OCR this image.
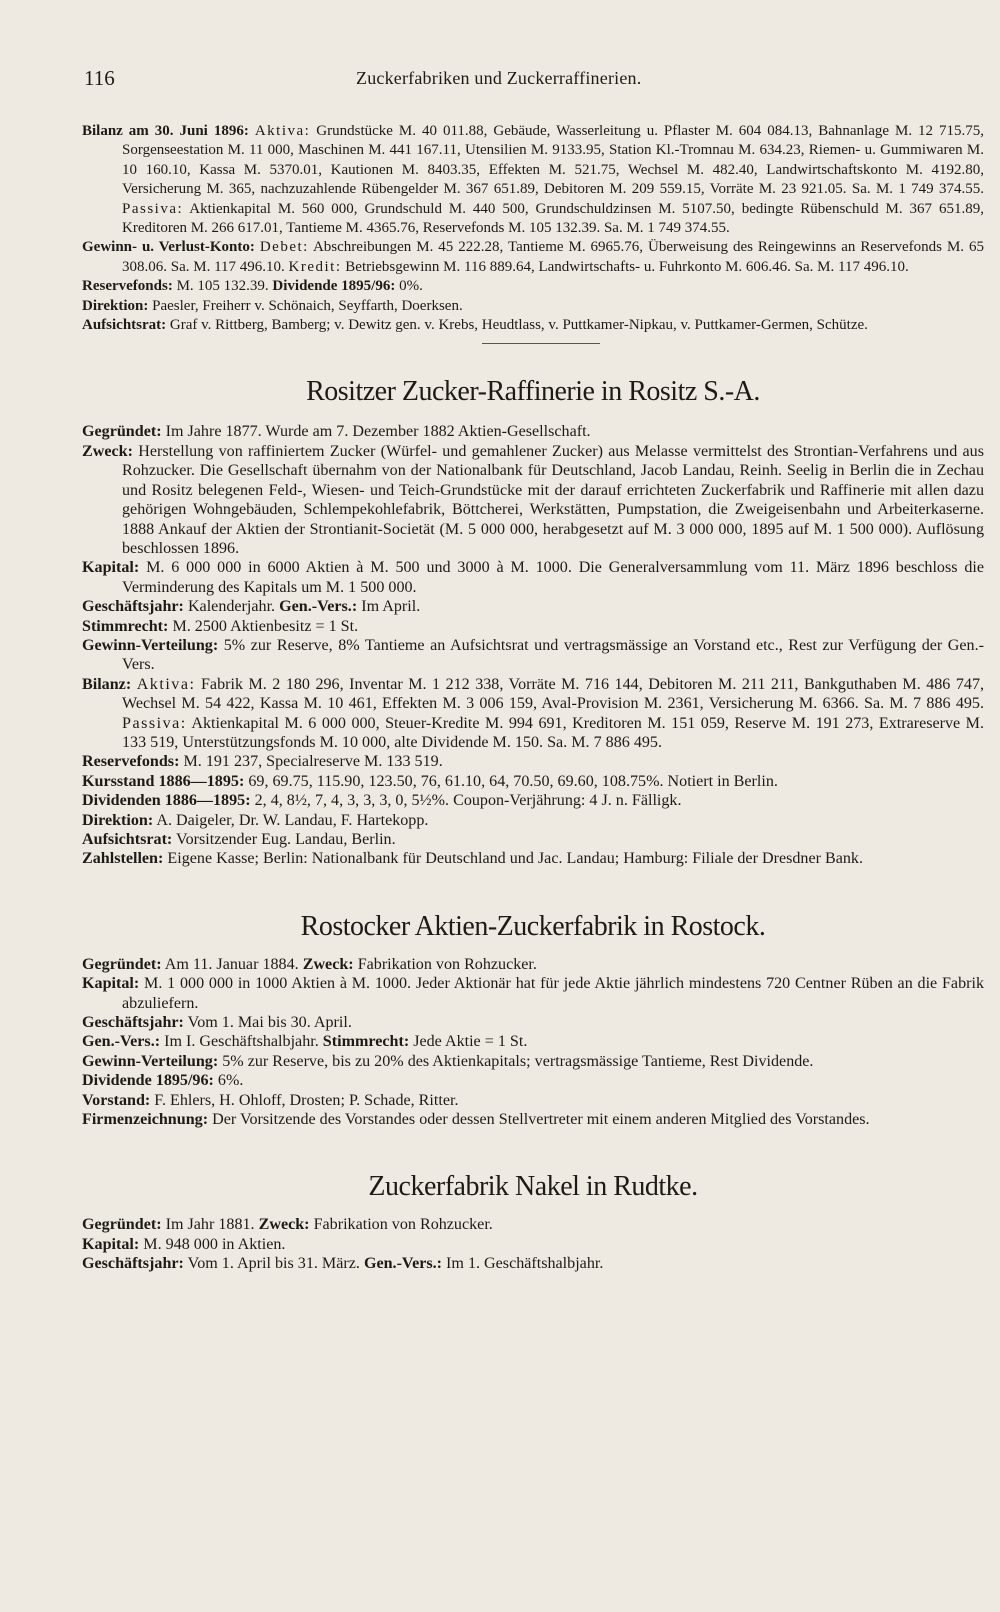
116	Zuckerfabriken und Zuckerraffinerien.

Bilanz am 30. Juni 1896: Aktiva: Grundstücke M. 40 011.88, Gebäude, Wasserleitung u. Pflaster M. 604 084.13, Bahnanlage M. 12 715.75, Sorgenseestation M. 11 000, Maschinen M. 441 167.11, Utensilien M. 9133.95, Station Kl.-Tromnau M. 634.23, Riemen- u. Gummiwaren M. 10 160.10, Kassa M. 5370.01, Kautionen M. 8403.35, Effekten M. 521.75, Wechsel M. 482.40, Landwirtschaftskonto M. 4192.80, Versicherung M. 365, nachzuzahlende Rübengelder M. 367 651.89, Debitoren M. 209 559.15, Vorräte M. 23 921.05. Sa. M. 1 749 374.55. Passiva: Aktienkapital M. 560 000, Grundschuld M. 440 500, Grundschuldzinsen M. 5107.50, bedingte Rübenschuld M. 367 651.89, Kreditoren M. 266 617.01, Tantieme M. 4365.76, Reservefonds M. 105 132.39. Sa. M. 1 749 374.55.

Gewinn- u. Verlust-Konto: Debet: Abschreibungen M. 45 222.28, Tantieme M. 6965.76, Überweisung des Reingewinns an Reservefonds M. 65 308.06. Sa. M. 117 496.10. Kredit: Betriebsgewinn M. 116 889.64, Landwirtschafts- u. Fuhrkonto M. 606.46. Sa. M. 117 496.10.

Reservefonds: M. 105 132.39. Dividende 1895/96: 0%.

Direktion: Paesler, Freiherr v. Schönaich, Seyffarth, Doerksen.

Aufsichtsrat: Graf v. Rittberg, Bamberg; v. Dewitz gen. v. Krebs, Heudtlass, v. Puttkamer-Nipkau, v. Puttkamer-Germen, Schütze.

Rositzer Zucker-Raffinerie in Rositz S.-A.

Gegründet: Im Jahre 1877. Wurde am 7. Dezember 1882 Aktien-Gesellschaft.

Zweck: Herstellung von raffiniertem Zucker (Würfel- und gemahlener Zucker) aus Melasse vermittelst des Strontian-Verfahrens und aus Rohzucker. Die Gesellschaft übernahm von der Nationalbank für Deutschland, Jacob Landau, Reinh. Seelig in Berlin die in Zechau und Rositz belegenen Feld-, Wiesen- und Teich-Grundstücke mit der darauf errichteten Zuckerfabrik und Raffinerie mit allen dazu gehörigen Wohngebäuden, Schlempekohlefabrik, Böttcherei, Werkstätten, Pumpstation, die Zweigeisenbahn und Arbeiterkaserne. 1888 Ankauf der Aktien der Strontianit-Societät (M. 5 000 000, herabgesetzt auf M. 3 000 000, 1895 auf M. 1 500 000). Auflösung beschlossen 1896.

Kapital: M. 6 000 000 in 6000 Aktien à M. 500 und 3000 à M. 1000. Die Generalversammlung vom 11. März 1896 beschloss die Verminderung des Kapitals um M. 1 500 000.

Geschäftsjahr: Kalenderjahr. Gen.-Vers.: Im April.

Stimmrecht: M. 2500 Aktienbesitz = 1 St.

Gewinn-Verteilung: 5% zur Reserve, 8% Tantieme an Aufsichtsrat und vertragsmässige an Vorstand etc., Rest zur Verfügung der Gen.-Vers.

Bilanz: Aktiva: Fabrik M. 2 180 296, Inventar M. 1 212 338, Vorräte M. 716 144, Debitoren M. 211 211, Bankguthaben M. 486 747, Wechsel M. 54 422, Kassa M. 10 461, Effekten M. 3 006 159, Aval-Provision M. 2361, Versicherung M. 6366. Sa. M. 7 886 495. Passiva: Aktienkapital M. 6 000 000, Steuer-Kredite M. 994 691, Kreditoren M. 151 059, Reserve M. 191 273, Extrareserve M. 133 519, Unterstützungsfonds M. 10 000, alte Dividende M. 150. Sa. M. 7 886 495.

Reservefonds: M. 191 237, Specialreserve M. 133 519.

Kursstand 1886—1895: 69, 69.75, 115.90, 123.50, 76, 61.10, 64, 70.50, 69.60, 108.75%. Notiert in Berlin.

Dividenden 1886—1895: 2, 4, 8½, 7, 4, 3, 3, 3, 0, 5½%. Coupon-Verjährung: 4 J. n. Fälligk.

Direktion: A. Daigeler, Dr. W. Landau, F. Hartekopp.

Aufsichtsrat: Vorsitzender Eug. Landau, Berlin.

Zahlstellen: Eigene Kasse; Berlin: Nationalbank für Deutschland und Jac. Landau; Hamburg: Filiale der Dresdner Bank.

Rostocker Aktien-Zuckerfabrik in Rostock.

Gegründet: Am 11. Januar 1884. Zweck: Fabrikation von Rohzucker.

Kapital: M. 1 000 000 in 1000 Aktien à M. 1000. Jeder Aktionär hat für jede Aktie jährlich mindestens 720 Centner Rüben an die Fabrik abzuliefern.

Geschäftsjahr: Vom 1. Mai bis 30. April.

Gen.-Vers.: Im I. Geschäftshalbjahr. Stimmrecht: Jede Aktie = 1 St.

Gewinn-Verteilung: 5% zur Reserve, bis zu 20% des Aktienkapitals; vertragsmässige Tantieme, Rest Dividende.

Dividende 1895/96: 6%.

Vorstand: F. Ehlers, H. Ohloff, Drosten; P. Schade, Ritter.

Firmenzeichnung: Der Vorsitzende des Vorstandes oder dessen Stellvertreter mit einem anderen Mitglied des Vorstandes.

Zuckerfabrik Nakel in Rudtke.

Gegründet: Im Jahr 1881. Zweck: Fabrikation von Rohzucker.

Kapital: M. 948 000 in Aktien.

Geschäftsjahr: Vom 1. April bis 31. März. Gen.-Vers.: Im 1. Geschäftshalbjahr.
